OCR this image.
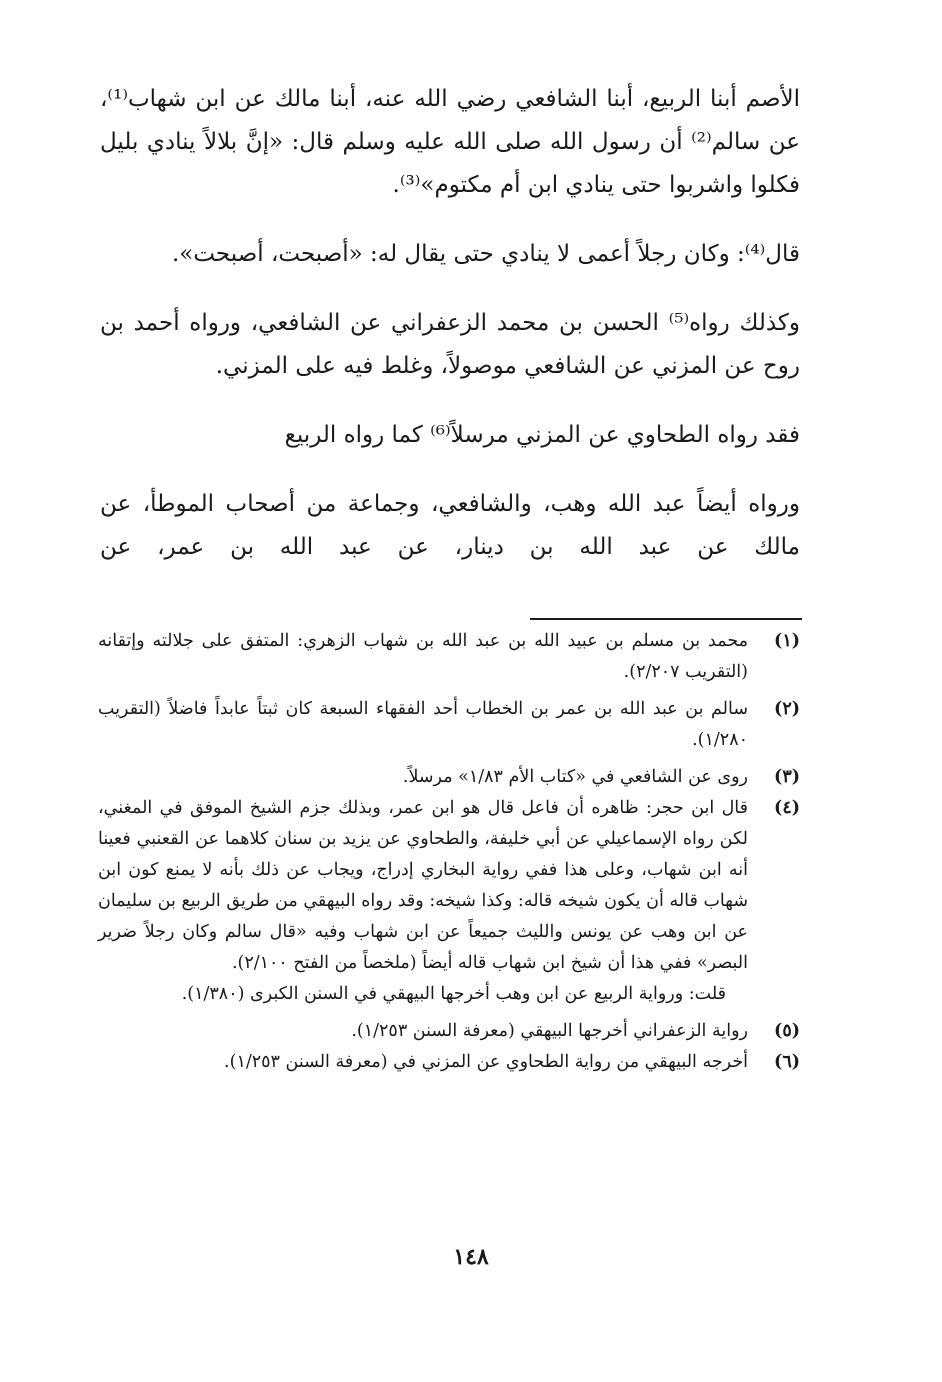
الأصم أبنا الربيع، أبنا الشافعي رضي الله عنه، أبنا مالك عن ابن شهاب⁽¹⁾، عن سالم⁽²⁾ أن رسول الله صلى الله عليه وسلم قال: «إنَّ بلالاً ينادي بليل فكلوا واشربوا حتى ينادي ابن أم مكتوم»⁽³⁾.

قال⁽⁴⁾: وكان رجلاً أعمى لا ينادي حتى يقال له: «أصبحت، أصبحت».

وكذلك رواه⁽⁵⁾ الحسن بن محمد الزعفراني عن الشافعي، ورواه أحمد بن روح عن المزني عن الشافعي موصولاً، وغلط فيه على المزني.

فقد رواه الطحاوي عن المزني مرسلاً⁽⁶⁾ كما رواه الربيع

ورواه أيضاً عبد الله وهب، والشافعي، وجماعة من أصحاب الموطأ، عن مالك عن عبد الله بن دينار، عن عبد الله بن عمر، عن

(١)
محمد بن مسلم بن عبيد الله بن عبد الله بن شهاب الزهري: المتفق على جلالته وإتقانه (التقريب ٢/٢٠٧).
(٢)
سالم بن عبد الله بن عمر بن الخطاب أحد الفقهاء السبعة كان ثبتاً عابداً فاضلاً (التقريب ١/٢٨٠).
(٣)
روى عن الشافعي في «كتاب الأم ١/٨٣» مرسلاً.
(٤)
قال ابن حجر: ظاهره أن فاعل قال هو ابن عمر، وبذلك جزم الشيخ الموفق في المغني، لكن رواه الإسماعيلي عن أبي خليفة، والطحاوي عن يزيد بن سنان كلاهما عن القعنبي فعينا أنه ابن شهاب، وعلى هذا ففي رواية البخاري إدراج، ويجاب عن ذلك بأنه لا يمنع كون ابن شهاب قاله أن يكون شيخه قاله: وكذا شيخه: وقد رواه البيهقي من طريق الربيع بن سليمان عن ابن وهب عن يونس والليث جميعاً عن ابن شهاب وفيه «قال سالم وكان رجلاً ضرير البصر» ففي هذا أن شيخ ابن شهاب قاله أيضاً (ملخصاً من الفتح ٢/١٠٠).
قلت: ورواية الربيع عن ابن وهب أخرجها البيهقي في السنن الكبرى (١/٣٨٠).
(٥)
رواية الزعفراني أخرجها البيهقي (معرفة السنن ١/٢٥٣).
(٦)
أخرجه البيهقي من رواية الطحاوي عن المزني في (معرفة السنن ١/٢٥٣).
١٤٨
